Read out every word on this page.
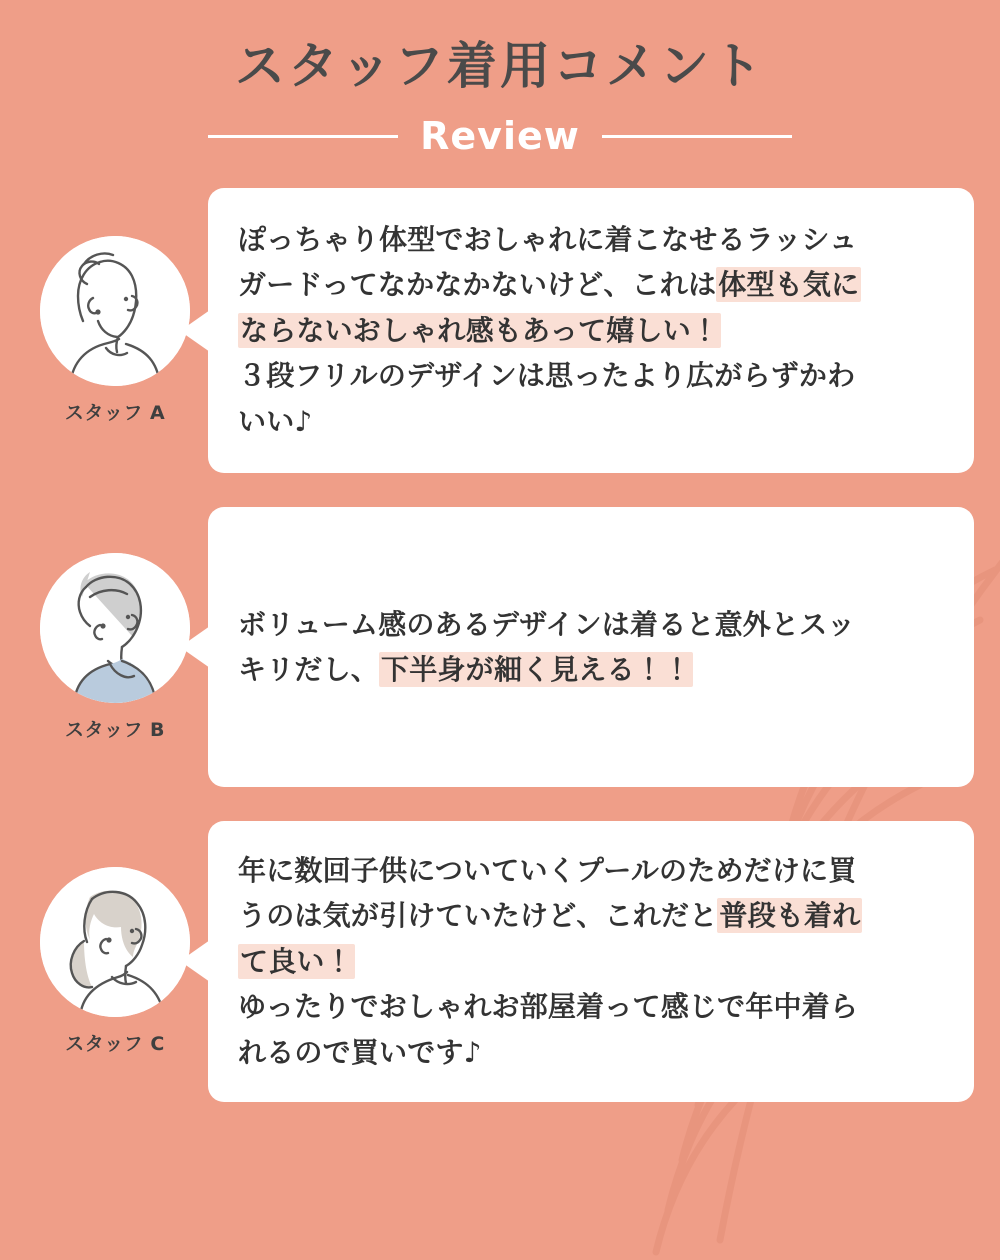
スタッフ着用コメント
Review
スタッフ A

ぽっちゃり体型でおしゃれに着こなせるラッシュ

ガードってなかなかないけど、これは体型も気に

ならないおしゃれ感もあって嬉しい！

３段フリルのデザインは思ったより広がらずかわ

いい♪

スタッフ B

ボリューム感のあるデザインは着ると意外とスッ

キリだし、下半身が細く見える！！

スタッフ C

年に数回子供についていくプールのためだけに買

うのは気が引けていたけど、これだと普段も着れ

て良い！

ゆったりでおしゃれお部屋着って感じで年中着ら

れるので買いです♪
